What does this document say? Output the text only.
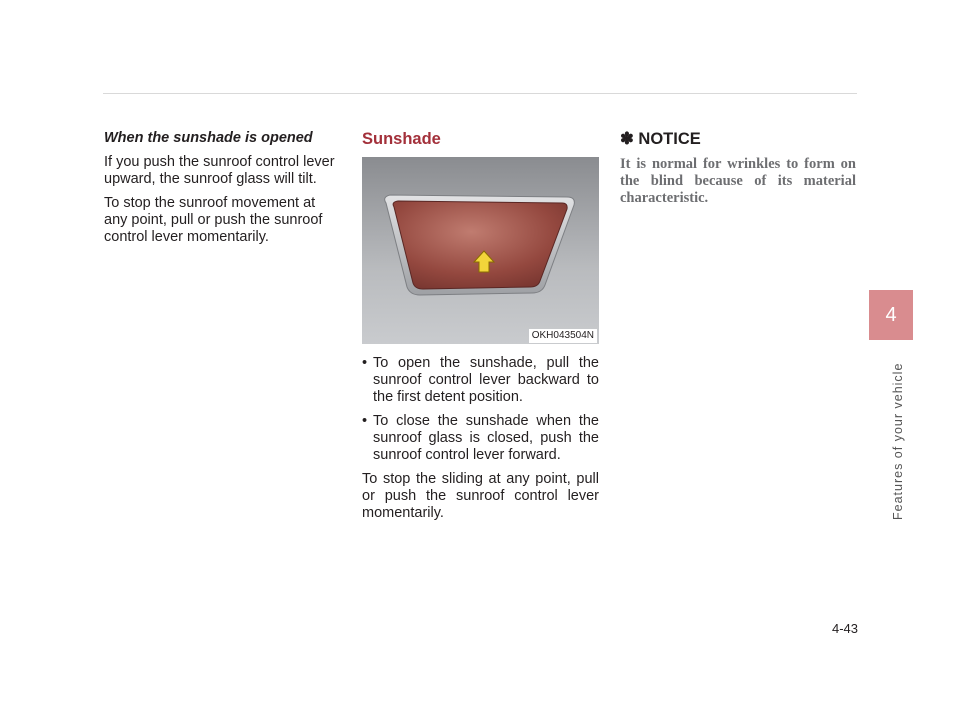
When the sunshade is opened

If you push the sunroof control lever upward, the sunroof glass will tilt.

To stop the sunroof movement at any point, pull or push the sunroof control lever momentarily.

Sunshade
OKH043504N
• To open the sunshade, pull the sunroof control lever backward to the first detent position.
• To close the sunshade when the sunroof glass is closed, push the sunroof control lever forward.

To stop the sliding at any point, pull or push the sunroof control lever momentarily.

✽ NOTICE

It is normal for wrinkles to form on the blind because of its material characteristic.

4
Features of your vehicle
4-43
